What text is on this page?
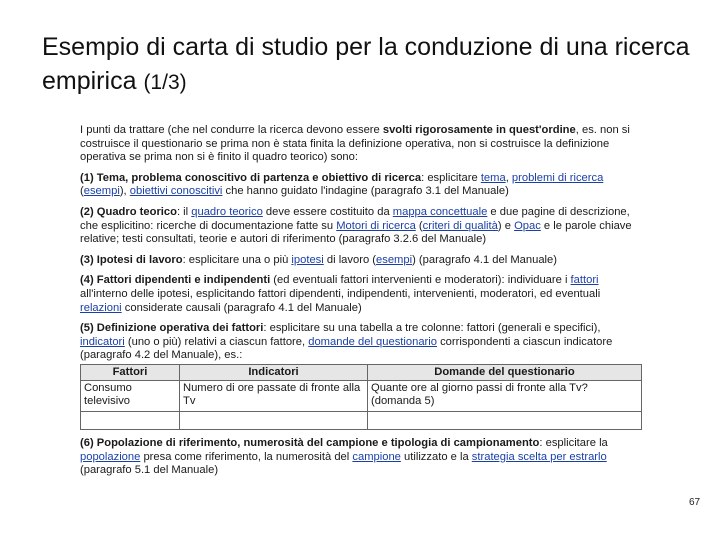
Esempio di carta di studio per la conduzione di una ricerca empirica (1/3)

I punti da trattare (che nel condurre la ricerca devono essere svolti rigorosamente in quest'ordine, es. non si costruisce il questionario se prima non è stata finita la definizione operativa, non si costruisce la definizione operativa se prima non si è finito il quadro teorico) sono:

(1) Tema, problema conoscitivo di partenza e obiettivo di ricerca: esplicitare tema, problemi di ricerca (esempi), obiettivi conoscitivi che hanno guidato l'indagine (paragrafo 3.1 del Manuale)

(2) Quadro teorico: il quadro teorico deve essere costituito da mappa concettuale e due pagine di descrizione, che esplicitino: ricerche di documentazione fatte su Motori di ricerca (criteri di qualità) e Opac e le parole chiave relative; testi consultati, teorie e autori di riferimento (paragrafo 3.2.6 del Manuale)

(3) Ipotesi di lavoro: esplicitare una o più ipotesi di lavoro (esempi) (paragrafo 4.1 del Manuale)

(4) Fattori dipendenti e indipendenti (ed eventuali fattori intervenienti e moderatori): individuare i fattori all'interno delle ipotesi, esplicitando fattori dipendenti, indipendenti, intervenienti, moderatori, ed eventuali relazioni considerate causali (paragrafo 4.1 del Manuale)

(5) Definizione operativa dei fattori: esplicitare su una tabella a tre colonne: fattori (generali e specifici), indicatori (uno o più) relativi a ciascun fattore, domande del questionario corrispondenti a ciascun indicatore (paragrafo 4.2 del Manuale), es.:

Fattori	Indicatori	Domande del questionario
Consumo televisivo	Numero di ore passate di fronte alla Tv	Quante ore al giorno passi di fronte alla Tv? (domanda 5)

(6) Popolazione di riferimento, numerosità del campione e tipologia di campionamento: esplicitare la popolazione presa come riferimento, la numerosità del campione utilizzato e la strategia scelta per estrarlo (paragrafo 5.1 del Manuale)

67
